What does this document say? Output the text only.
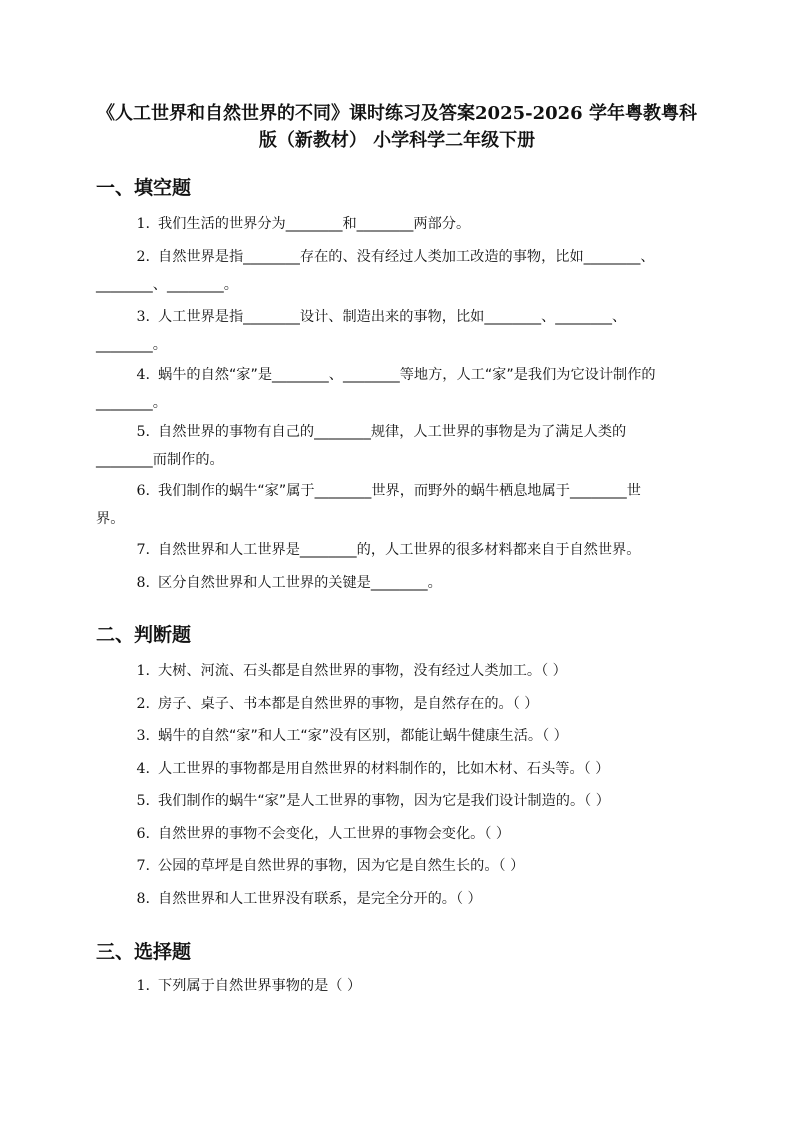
《人工世界和自然世界的不同》课时练习及答案2025-2026 学年粤教粤科
版（新教材） 小学科学二年级下册
一、填空题
1. 我们生活的世界分为________和________两部分。
2. 自然世界是指________存在的、没有经过人类加工改造的事物，比如________、
________、________。
3. 人工世界是指________设计、制造出来的事物，比如________、________、
________。
4. 蜗牛的自然“家”是________、________等地方，人工“家”是我们为它设计制作的
________。
5. 自然世界的事物有自己的________规律，人工世界的事物是为了满足人类的
________而制作的。
6. 我们制作的蜗牛“家”属于________世界，而野外的蜗牛栖息地属于________世
界。
7. 自然世界和人工世界是________的，人工世界的很多材料都来自于自然世界。
8. 区分自然世界和人工世界的关键是________。
二、判断题
1. 大树、河流、石头都是自然世界的事物，没有经过人类加工。（ ）
2. 房子、桌子、书本都是自然世界的事物，是自然存在的。（ ）
3. 蜗牛的自然“家”和人工“家”没有区别，都能让蜗牛健康生活。（ ）
4. 人工世界的事物都是用自然世界的材料制作的，比如木材、石头等。（ ）
5. 我们制作的蜗牛“家”是人工世界的事物，因为它是我们设计制造的。（ ）
6. 自然世界的事物不会变化，人工世界的事物会变化。（ ）
7. 公园的草坪是自然世界的事物，因为它是自然生长的。（ ）
8. 自然世界和人工世界没有联系，是完全分开的。（ ）
三、选择题
1. 下列属于自然世界事物的是（ ）
